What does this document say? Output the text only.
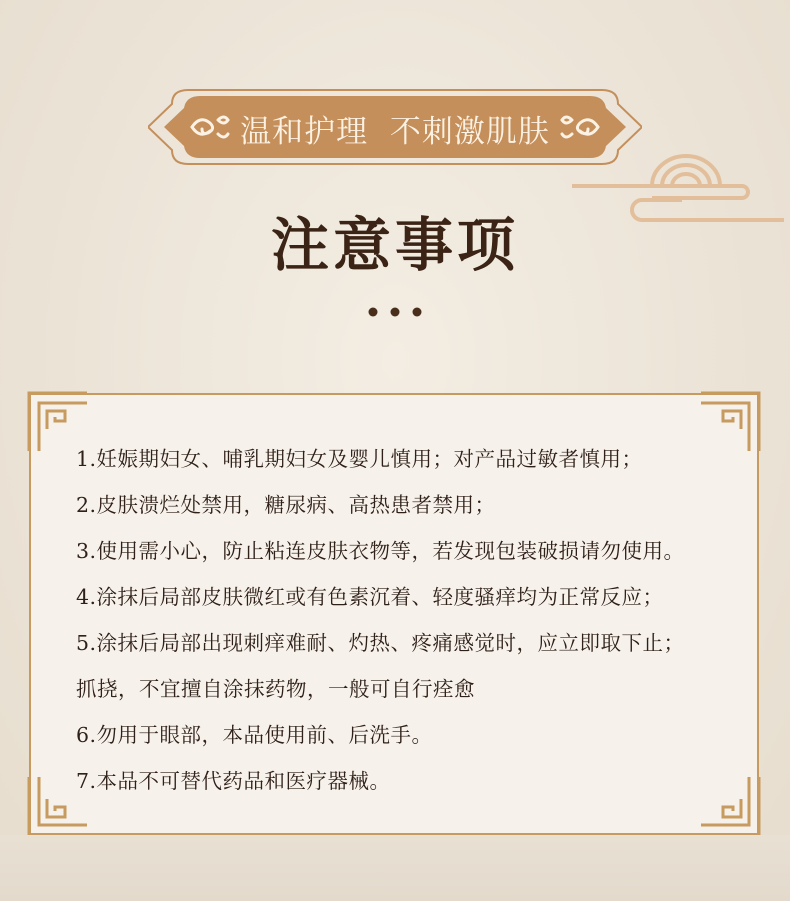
温和护理  不刺激肌肤
注意事项
1.妊娠期妇女、哺乳期妇女及婴儿慎用；对产品过敏者慎用；
2.皮肤溃烂处禁用，糖尿病、高热患者禁用；
3.使用需小心，防止粘连皮肤衣物等，若发现包装破损请勿使用。
4.涂抹后局部皮肤微红或有色素沉着、轻度骚痒均为正常反应；
5.涂抹后局部出现刺痒难耐、灼热、疼痛感觉时，应立即取下止；
抓挠，不宜擅自涂抹药物，一般可自行痊愈
6.勿用于眼部，本品使用前、后洗手。
7.本品不可替代药品和医疗器械。
